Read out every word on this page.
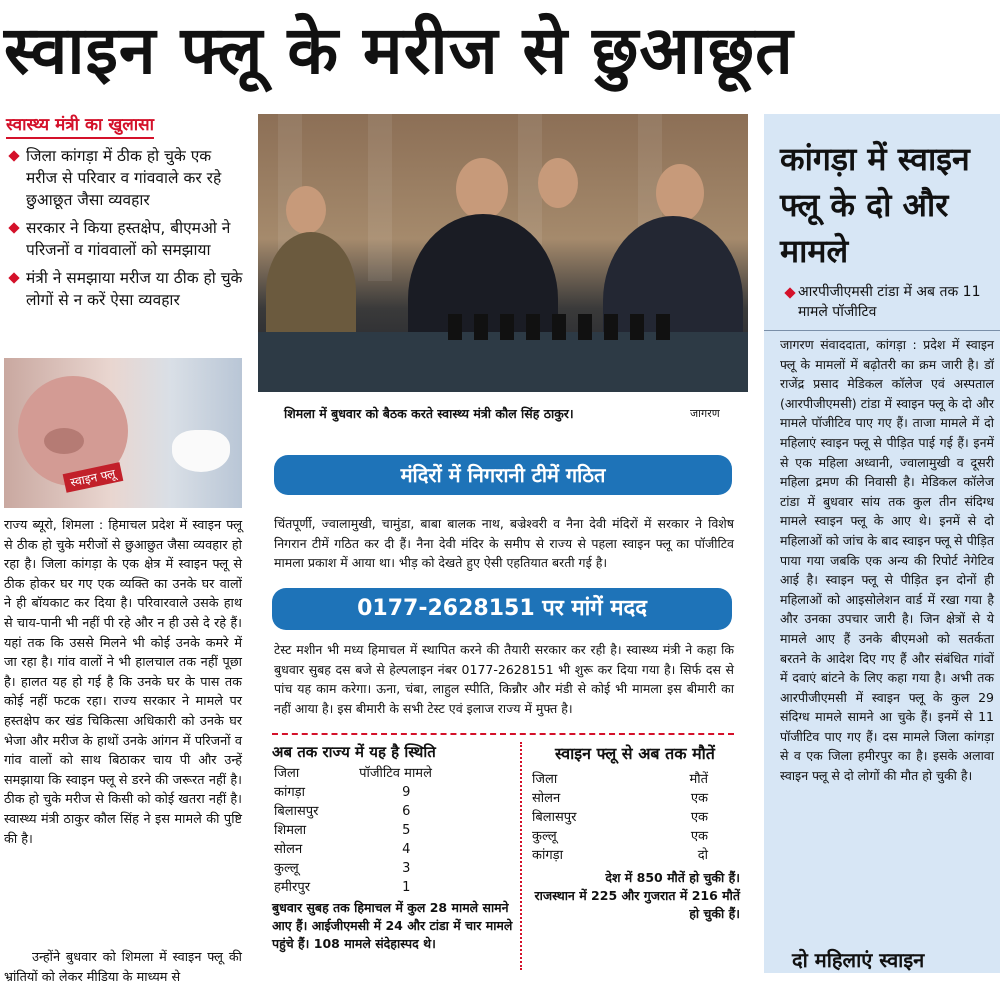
स्वाइन फ्लू के मरीज से छुआछूत
स्वास्थ्य मंत्री का खुलासा
जिला कांगड़ा में ठीक हो चुके एक मरीज से परिवार व गांववाले कर रहे छुआछूत जैसा व्यवहार
सरकार ने किया हस्तक्षेप, बीएमओ ने परिजनों व गांववालों को समझाया
मंत्री ने समझाया मरीज या ठीक हो चुके लोगों से न करें ऐसा व्यवहार
स्वाइन फ्लू
राज्य ब्यूरो, शिमला : हिमाचल प्रदेश में स्वाइन फ्लू से ठीक हो चुके मरीजों से छुआछुत जैसा व्यवहार हो रहा है। जिला कांगड़ा के एक क्षेत्र में स्वाइन फ्लू से ठीक होकर घर गए एक व्यक्ति का उनके घर वालों ने ही बॉयकाट कर दिया है। परिवारवाले उसके हाथ से चाय-पानी भी नहीं पी रहे और न ही उसे दे रहे हैं। यहां तक कि उससे मिलने भी कोई उनके कमरे में जा रहा है। गांव वालों ने भी हालचाल तक नहीं पूछा है। हालत यह हो गई है कि उनके घर के पास तक कोई नहीं फटक रहा। राज्य सरकार ने मामले पर हस्तक्षेप कर खंड चिकित्सा अधिकारी को उनके घर भेजा और मरीज के हाथों उनके आंगन में परिजनों व गांव वालों को साथ बिठाकर चाय पी और उन्हें समझाया कि स्वाइन फ्लू से डरने की जरूरत नहीं है। ठीक हो चुके मरीज से किसी को कोई खतरा नहीं है। स्वास्थ्य मंत्री ठाकुर कौल सिंह ने इस मामले की पुष्टि की है।
उन्होंने बुधवार को शिमला में स्वाइन फ्लू की भ्रांतियों को लेकर मीडिया के माध्यम से
शिमला में बुधवार को बैठक करते स्वास्थ्य मंत्री कौल सिंह ठाकुर।	जागरण
मंदिरों में निगरानी टीमें गठित
चिंतपूर्णी, ज्वालामुखी, चामुंडा, बाबा बालक नाथ, बज्रेश्वरी व नैना देवी मंदिरों में सरकार ने विशेष निगरान टीमें गठित कर दी हैं। नैना देवी मंदिर के समीप से राज्य से पहला स्वाइन फ्लू का पॉजीटिव मामला प्रकाश में आया था। भीड़ को देखते हुए ऐसी एहतियात बरती गई है।
0177-2628151 पर मांगें मदद
टेस्ट मशीन भी मध्य हिमाचल में स्थापित करने की तैयारी सरकार कर रही है। स्वास्थ्य मंत्री ने कहा कि बुधवार सुबह दस बजे से हेल्पलाइन नंबर 0177-2628151 भी शुरू कर दिया गया है। सिर्फ दस से पांच यह काम करेगा। ऊना, चंबा, लाहुल स्पीति, किन्नौर और मंडी से कोई भी मामला इस बीमारी का नहीं आया है। इस बीमारी के सभी टेस्ट एवं इलाज राज्य में मुफ्त है।
अब तक राज्य में यह है स्थिति
जिला	पॉजीटिव मामले
कांगड़ा	9
बिलासपुर	6
शिमला	5
सोलन	4
कुल्लू	3
हमीरपुर	1
बुधवार सुबह तक हिमाचल में कुल 28 मामले सामने आए हैं। आईजीएमसी में 24 और टांडा में चार मामले पहुंचे हैं। 108 मामले संदेहास्पद थे।
स्वाइन फ्लू से अब तक मौतें
जिला	मौतें
सोलन	एक
बिलासपुर	एक
कुल्लू	एक
कांगड़ा	दो
देश में 850 मौतें हो चुकी हैं।
राजस्थान में 225 और गुजरात में 216 मौतें हो चुकी हैं।
कांगड़ा में स्वाइन फ्लू के दो और मामले
आरपीजीएमसी टांडा में अब तक 11 मामले पॉजीटिव
जागरण संवाददाता, कांगड़ा : प्रदेश में स्वाइन फ्लू के मामलों में बढ़ोतरी का क्रम जारी है। डॉ राजेंद्र प्रसाद मेडिकल कॉलेज एवं अस्पताल (आरपीजीएमसी) टांडा में स्वाइन फ्लू के दो और मामले पॉजीटिव पाए गए हैं। ताजा मामले में दो महिलाएं स्वाइन फ्लू से पीड़ित पाई गई हैं। इनमें से एक महिला अध्वानी, ज्वालामुखी व दूसरी महिला द्रमण की निवासी है। मेडिकल कॉलेज टांडा में बुधवार सांय तक कुल तीन संदिग्ध मामले स्वाइन फ्लू के आए थे। इनमें से दो महिलाओं को जांच के बाद स्वाइन फ्लू से पीड़ित पाया गया जबकि एक अन्य की रिपोर्ट नेगेटिव आई है। स्वाइन फ्लू से पीड़ित इन दोनों ही महिलाओं को आइसोलेशन वार्ड में रखा गया है और उनका उपचार जारी है। जिन क्षेत्रों से ये मामले आए हैं उनके बीएमओ को सतर्कता बरतने के आदेश दिए गए हैं और संबंधित गांवों में दवाएं बांटने के लिए कहा गया है। अभी तक आरपीजीएमसी में स्वाइन फ्लू के कुल 29 संदिग्ध मामले सामने आ चुके हैं। इनमें से 11 पॉजीटिव पाए गए हैं। दस मामले जिला कांगड़ा से व एक जिला हमीरपुर का है। इसके अलावा स्वाइन फ्लू से दो लोगों की मौत हो चुकी है।
दो महिलाएं स्वाइन
